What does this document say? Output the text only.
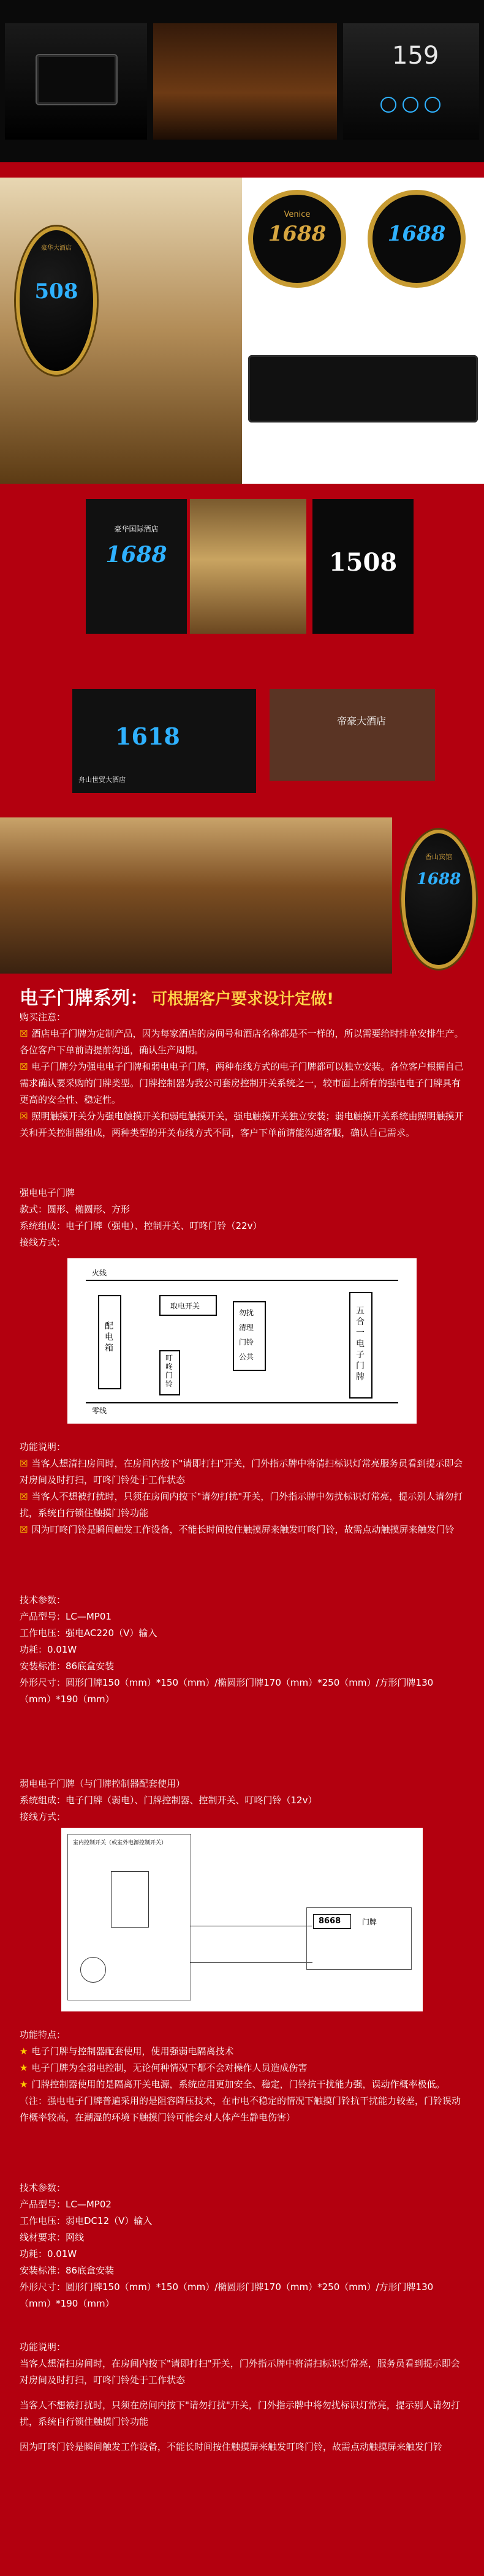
159
豪华大酒店
508
Venice
1688	1688
豪华国际酒店
1688	1508
1618
舟山世贸大酒店
帝豪大酒店
香山宾馆
1688
电子门牌系列： 可根据客户要求设计定做!

购买注意：

☒ 酒店电子门牌为定制产品，因为每家酒店的房间号和酒店名称都是不一样的，所以需要给时排单安排生产。各位客户下单前请提前沟通，确认生产周期。

☒ 电子门牌分为强电电子门牌和弱电电子门牌，两种布线方式的电子门牌都可以独立安装。各位客户根据自己需求确认要采购的门牌类型。门牌控制器为我公司套房控制开关系统之一，较市面上所有的强电电子门牌具有更高的安全性、稳定性。

☒ 照明触摸开关分为强电触摸开关和弱电触摸开关，强电触摸开关独立安装；弱电触摸开关系统由照明触摸开关和开关控制器组成，两种类型的开关布线方式不同，客户下单前请能沟通客服，确认自己需求。

强电电子门牌

款式：圆形、椭圆形、方形

系统组成：电子门牌（强电）、控制开关、叮咚门铃（22v）

接线方式：

火线
零线
配电箱
取电开关
勿扰
清理
门铃
公共
叮咚门铃
五合一电子门牌

功能说明：

☒ 当客人想清扫房间时，在房间内按下"请即打扫"开关，门外指示牌中将清扫标识灯常亮服务员看到提示即会对房间及时打扫，叮咚门铃处于工作状态

☒ 当客人不想被打扰时，只须在房间内按下"请勿打扰"开关，门外指示牌中勿扰标识灯常亮，提示别人请勿打扰，系统自行锁住触摸门铃功能

☒ 因为叮咚门铃是瞬间触发工作设备，不能长时间按住触摸屏来触发叮咚门铃，故需点动触摸屏来触发门铃

技术参数：

产品型号：LC—MP01

工作电压：强电AC220（V）输入

功耗：0.01W

安装标准：86底盒安装

外形尺寸：圆形门牌150（mm）*150（mm）/椭圆形门牌170（mm）*250（mm）/方形门牌130（mm）*190（mm）

弱电电子门牌（与门牌控制器配套使用）

系统组成：电子门牌（弱电）、门牌控制器、控制开关、叮咚门铃（12v）

接线方式：

室内控制开关（或室外电源控制开关）
8668	门牌

功能特点：

★ 电子门牌与控制器配套使用，使用强弱电隔离技术

★ 电子门牌为全弱电控制，无论何种情况下都不会对操作人员造成伤害

★ 门牌控制器使用的是隔离开关电源，系统应用更加安全、稳定，门铃抗干扰能力强，误动作概率极低。

（注：强电电子门牌普遍采用的是阻容降压技术，在市电不稳定的情况下触摸门铃抗干扰能力较差，门铃误动作概率较高，在潮湿的环境下触摸门铃可能会对人体产生静电伤害）

技术参数：

产品型号：LC—MP02

工作电压：弱电DC12（V）输入

线材要求：网线

功耗：0.01W

安装标准：86底盒安装

外形尺寸：圆形门牌150（mm）*150（mm）/椭圆形门牌170（mm）*250（mm）/方形门牌130（mm）*190（mm）

功能说明：

当客人想清扫房间时，在房间内按下"请即打扫"开关，门外指示牌中将清扫标识灯常亮，服务员看到提示即会对房间及时打扫，叮咚门铃处于工作状态

当客人不想被打扰时，只须在房间内按下"请勿打扰"开关，门外指示牌中将勿扰标识灯常亮，提示别人请勿打扰，系统自行锁住触摸门铃功能

因为叮咚门铃是瞬间触发工作设备，不能长时间按住触摸屏来触发叮咚门铃，故需点动触摸屏来触发门铃
